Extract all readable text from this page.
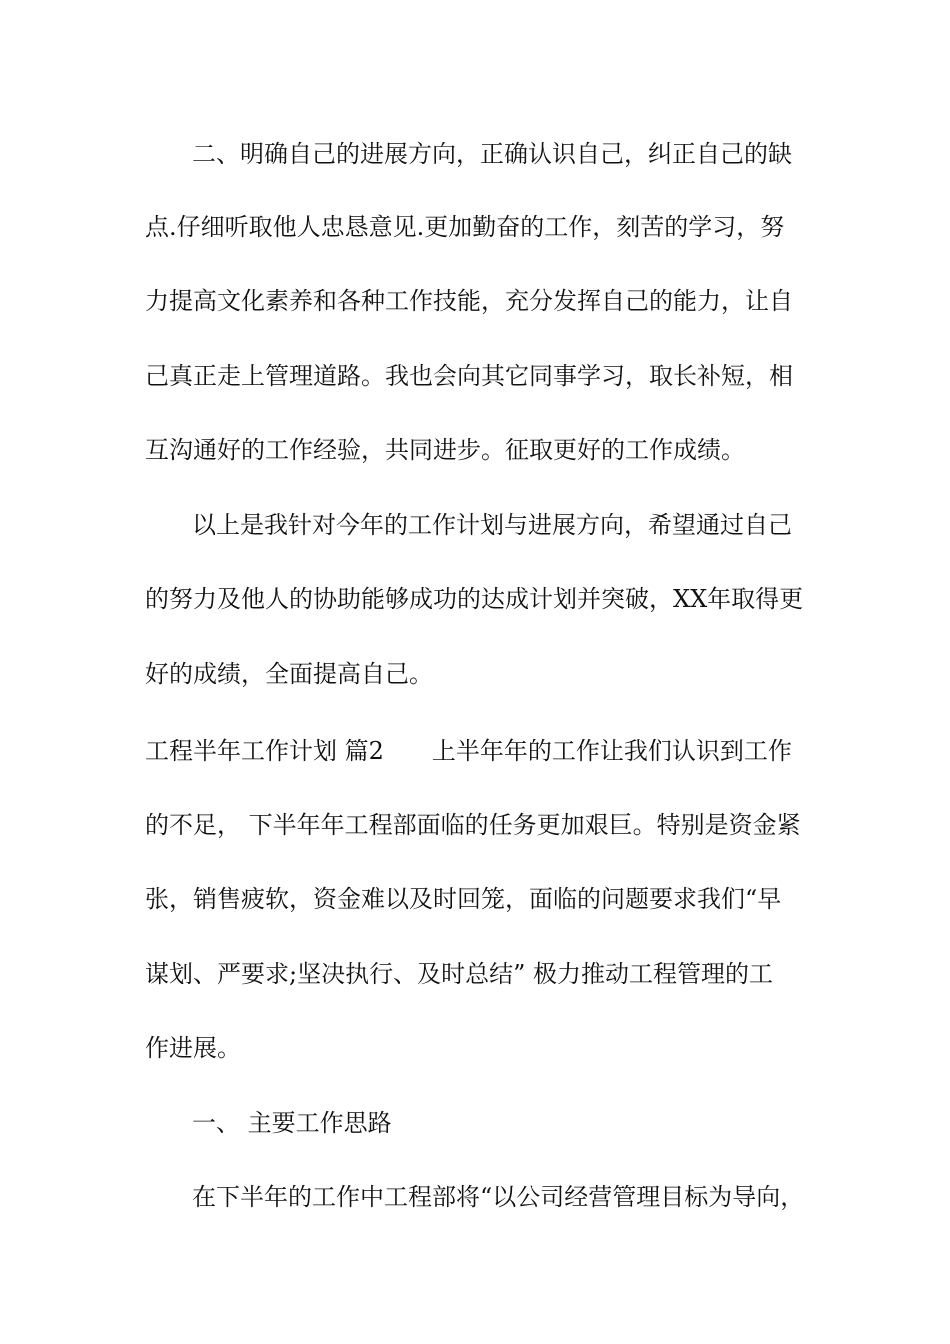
二、明确自己的进展方向，正确认识自己，纠正自己的缺

点.仔细听取他人忠恳意见.更加勤奋的工作，刻苦的学习，努

力提高文化素养和各种工作技能，充分发挥自己的能力，让自

己真正走上管理道路。我也会向其它同事学习，取长补短，相

互沟通好的工作经验，共同进步。征取更好的工作成绩。

以上是我针对今年的工作计划与进展方向，希望通过自己

的努力及他人的协助能够成功的达成计划并突破，XX年取得更

好的成绩，全面提高自己。

工程半年工作计划 篇2　　上半年年的工作让我们认识到工作

的不足， 下半年年工程部面临的任务更加艰巨。特别是资金紧

张，销售疲软，资金难以及时回笼，面临的问题要求我们“早

谋划、严要求;坚决执行、及时总结” 极力推动工程管理的工

作进展。

一、 主要工作思路

在下半年的工作中工程部将“以公司经营管理目标为导向，
